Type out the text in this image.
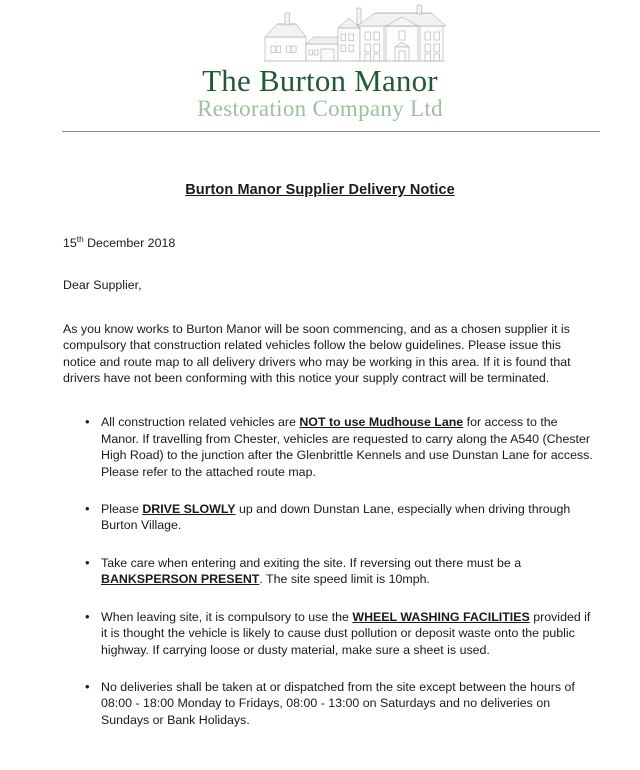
The Burton Manor
Restoration Company Ltd
Burton Manor Supplier Delivery Notice

15th December 2018

Dear Supplier,

As you know works to Burton Manor will be soon commencing, and as a chosen supplier it is compulsory that construction related vehicles follow the below guidelines. Please issue this notice and route map to all delivery drivers who may be working in this area. If it is found that drivers have not been conforming with this notice your supply contract will be terminated.

• All construction related vehicles are NOT to use Mudhouse Lane for access to the Manor. If travelling from Chester, vehicles are requested to carry along the A540 (Chester High Road) to the junction after the Glenbrittle Kennels and use Dunstan Lane for access. Please refer to the attached route map.
• Please DRIVE SLOWLY up and down Dunstan Lane, especially when driving through Burton Village.
• Take care when entering and exiting the site. If reversing out there must be a BANKSPERSON PRESENT. The site speed limit is 10mph.
• When leaving site, it is compulsory to use the WHEEL WASHING FACILITIES provided if it is thought the vehicle is likely to cause dust pollution or deposit waste onto the public highway. If carrying loose or dusty material, make sure a sheet is used.
• No deliveries shall be taken at or dispatched from the site except between the hours of 08:00 - 18:00 Monday to Fridays, 08:00 - 13:00 on Saturdays and no deliveries on Sundays or Bank Holidays.
